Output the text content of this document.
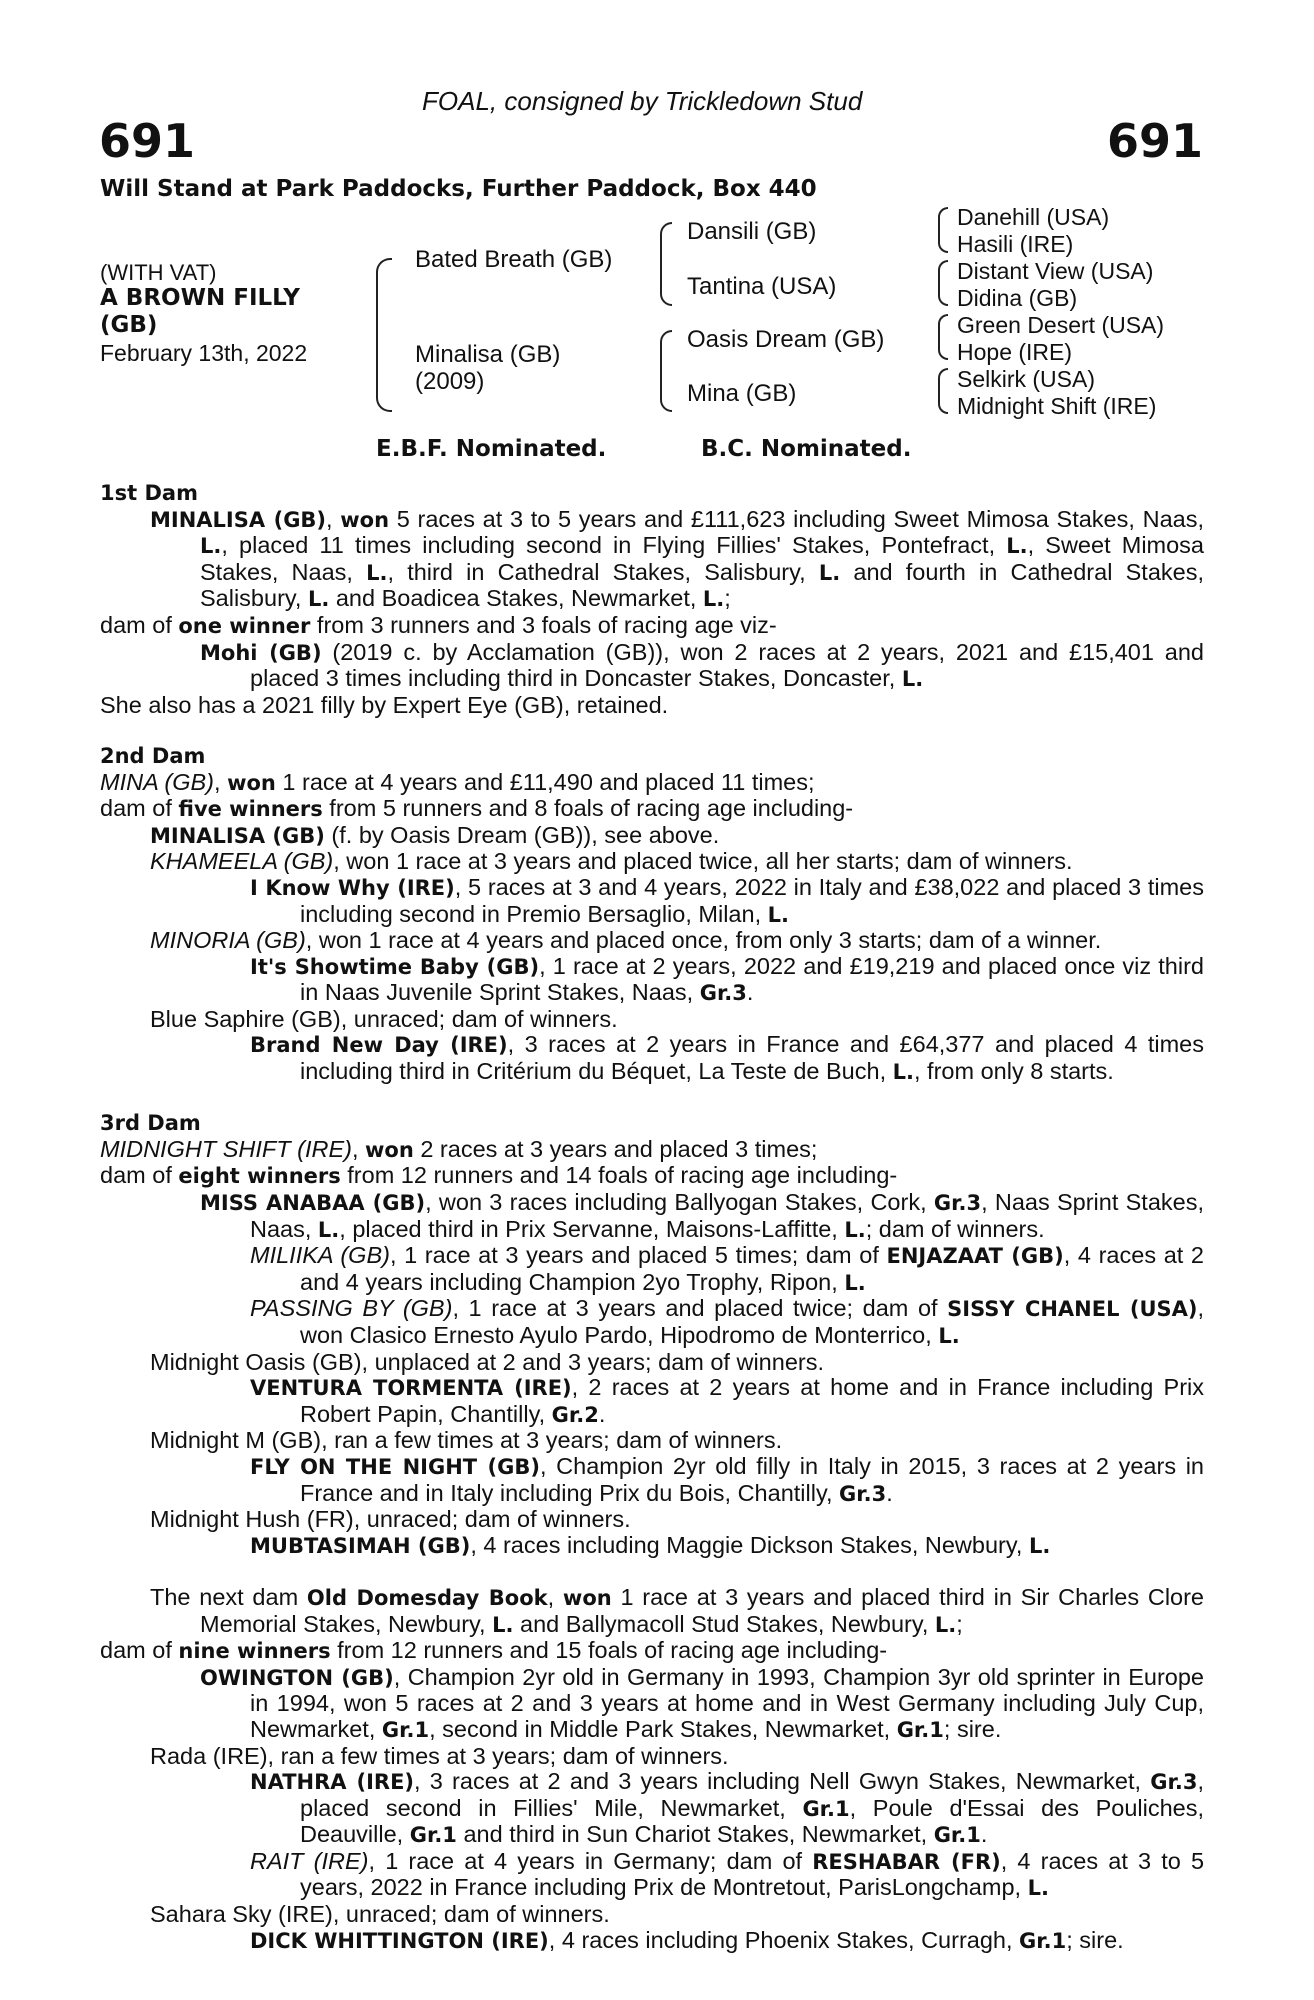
FOAL, consigned by Trickledown Stud
691	691
Will Stand at Park Paddocks, Further Paddock, Box 440
(WITH VAT)
A BROWN FILLY
(GB)
February 13th, 2022
Bated Breath (GB)
Minalisa (GB)
(2009)
Dansili (GB)
Tantina (USA)
Oasis Dream (GB)
Mina (GB)
Danehill (USA)
Hasili (IRE)
Distant View (USA)
Didina (GB)
Green Desert (USA)
Hope (IRE)
Selkirk (USA)
Midnight Shift (IRE)
E.B.F. Nominated.	B.C. Nominated.
1st Dam

MINALISA (GB), won 5 races at 3 to 5 years and £111,623 including Sweet Mimosa Stakes, Naas, L., placed 11 times including second in Flying Fillies' Stakes, Pontefract, L., Sweet Mimosa Stakes, Naas, L., third in Cathedral Stakes, Salisbury, L. and fourth in Cathedral Stakes, Salisbury, L. and Boadicea Stakes, Newmarket, L.;

dam of one winner from 3 runners and 3 foals of racing age viz-

Mohi (GB) (2019 c. by Acclamation (GB)), won 2 races at 2 years, 2021 and £15,401 and placed 3 times including third in Doncaster Stakes, Doncaster, L.

She also has a 2021 filly by Expert Eye (GB), retained.

2nd Dam

MINA (GB), won 1 race at 4 years and £11,490 and placed 11 times;

dam of five winners from 5 runners and 8 foals of racing age including-

MINALISA (GB) (f. by Oasis Dream (GB)), see above.

KHAMEELA (GB), won 1 race at 3 years and placed twice, all her starts; dam of winners.

I Know Why (IRE), 5 races at 3 and 4 years, 2022 in Italy and £38,022 and placed 3 times including second in Premio Bersaglio, Milan, L.

MINORIA (GB), won 1 race at 4 years and placed once, from only 3 starts; dam of a winner.

It's Showtime Baby (GB), 1 race at 2 years, 2022 and £19,219 and placed once viz third in Naas Juvenile Sprint Stakes, Naas, Gr.3.

Blue Saphire (GB), unraced; dam of winners.

Brand New Day (IRE), 3 races at 2 years in France and £64,377 and placed 4 times including third in Critérium du Béquet, La Teste de Buch, L., from only 8 starts.

3rd Dam

MIDNIGHT SHIFT (IRE), won 2 races at 3 years and placed 3 times;

dam of eight winners from 12 runners and 14 foals of racing age including-

MISS ANABAA (GB), won 3 races including Ballyogan Stakes, Cork, Gr.3, Naas Sprint Stakes, Naas, L., placed third in Prix Servanne, Maisons-Laffitte, L.; dam of winners.

MILIIKA (GB), 1 race at 3 years and placed 5 times; dam of ENJAZAAT (GB), 4 races at 2 and 4 years including Champion 2yo Trophy, Ripon, L.

PASSING BY (GB), 1 race at 3 years and placed twice; dam of SISSY CHANEL (USA), won Clasico Ernesto Ayulo Pardo, Hipodromo de Monterrico, L.

Midnight Oasis (GB), unplaced at 2 and 3 years; dam of winners.

VENTURA TORMENTA (IRE), 2 races at 2 years at home and in France including Prix Robert Papin, Chantilly, Gr.2.

Midnight M (GB), ran a few times at 3 years; dam of winners.

FLY ON THE NIGHT (GB), Champion 2yr old filly in Italy in 2015, 3 races at 2 years in France and in Italy including Prix du Bois, Chantilly, Gr.3.

Midnight Hush (FR), unraced; dam of winners.

MUBTASIMAH (GB), 4 races including Maggie Dickson Stakes, Newbury, L.

The next dam Old Domesday Book, won 1 race at 3 years and placed third in Sir Charles Clore Memorial Stakes, Newbury, L. and Ballymacoll Stud Stakes, Newbury, L.;

dam of nine winners from 12 runners and 15 foals of racing age including-

OWINGTON (GB), Champion 2yr old in Germany in 1993, Champion 3yr old sprinter in Europe in 1994, won 5 races at 2 and 3 years at home and in West Germany including July Cup, Newmarket, Gr.1, second in Middle Park Stakes, Newmarket, Gr.1; sire.

Rada (IRE), ran a few times at 3 years; dam of winners.

NATHRA (IRE), 3 races at 2 and 3 years including Nell Gwyn Stakes, Newmarket, Gr.3, placed second in Fillies' Mile, Newmarket, Gr.1, Poule d'Essai des Pouliches, Deauville, Gr.1 and third in Sun Chariot Stakes, Newmarket, Gr.1.

RAIT (IRE), 1 race at 4 years in Germany; dam of RESHABAR (FR), 4 races at 3 to 5 years, 2022 in France including Prix de Montretout, ParisLongchamp, L.

Sahara Sky (IRE), unraced; dam of winners.

DICK WHITTINGTON (IRE), 4 races including Phoenix Stakes, Curragh, Gr.1; sire.
